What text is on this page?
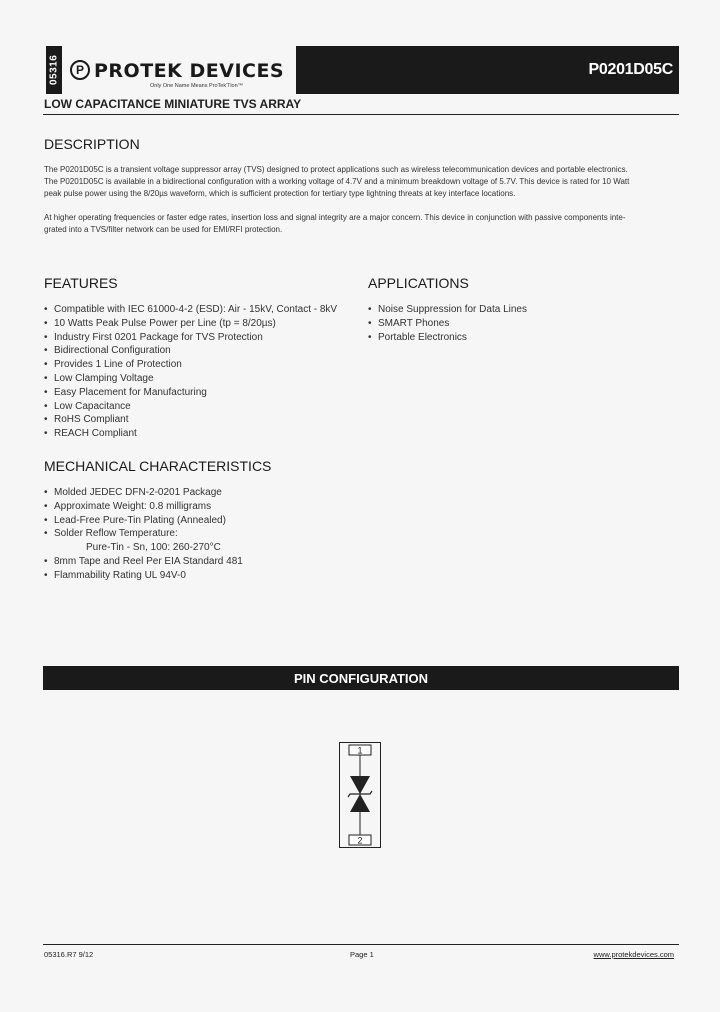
05316	P PROTEK DEVICES
Only One Name Means ProTek'Tion™
P0201D05C
LOW CAPACITANCE MINIATURE TVS ARRAY
DESCRIPTION
The P0201D05C is a transient voltage suppressor array (TVS) designed to protect applications such as wireless telecommunication devices and portable electronics.
The P0201D05C is available in a bidirectional configuration with a working voltage of 4.7V and a minimum breakdown voltage of 5.7V. This device is rated for 10 Watt
peak pulse power using the 8/20µs waveform, which is sufficient protection for tertiary type lightning threats at key interface locations.
At higher operating frequencies or faster edge rates, insertion loss and signal integrity are a major concern. This device in conjunction with passive components inte-
grated into a TVS/filter network can be used for EMI/RFI protection.
FEATURES
• Compatible with IEC 61000-4-2 (ESD): Air - 15kV, Contact - 8kV
• 10 Watts Peak Pulse Power per Line (tp = 8/20µs)
• Industry First 0201 Package for TVS Protection
• Bidirectional Configuration
• Provides 1 Line of Protection
• Low Clamping Voltage
• Easy Placement for Manufacturing
• Low Capacitance
• RoHS Compliant
• REACH Compliant
APPLICATIONS
• Noise Suppression for Data Lines
• SMART Phones
• Portable Electronics
MECHANICAL CHARACTERISTICS
• Molded JEDEC DFN-2-0201 Package
• Approximate Weight: 0.8 milligrams
• Lead-Free Pure-Tin Plating (Annealed)
• Solder Reflow Temperature:
Pure-Tin - Sn, 100: 260-270°C
• 8mm Tape and Reel Per EIA Standard 481
• Flammability Rating UL 94V-0
PIN CONFIGURATION
1
2
05316.R7 9/12	Page 1	www.protekdevices.com
